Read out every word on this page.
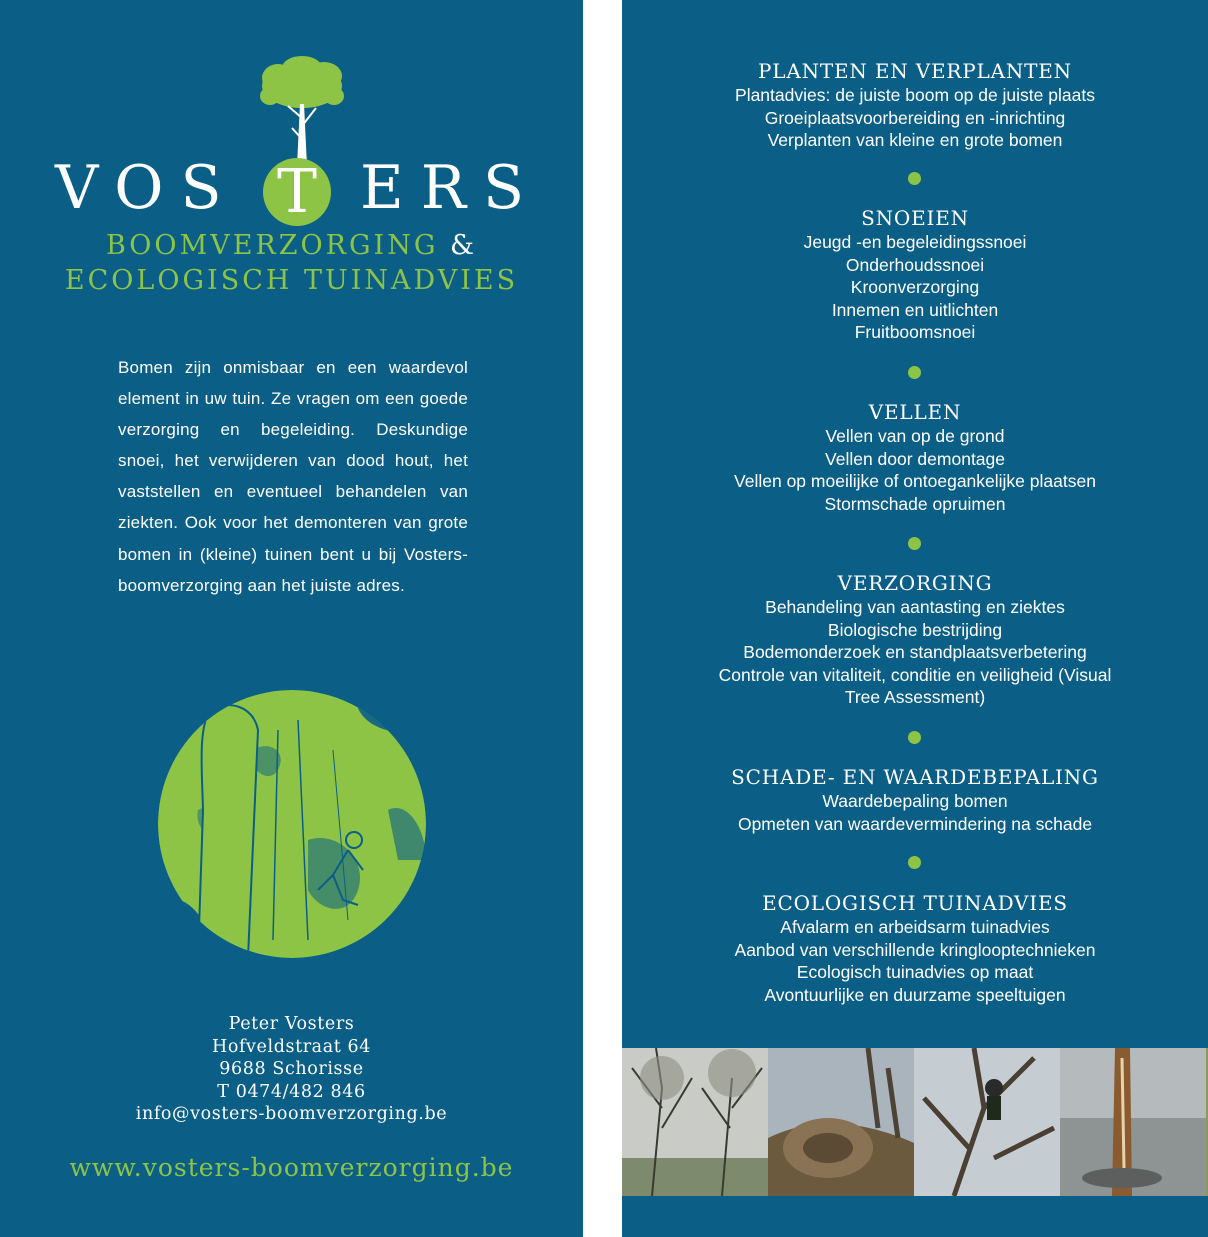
VOS T ERS
BOOMVERZORGING &
ECOLOGISCH TUINADVIES

Bomen zijn onmisbaar en een waardevol element in uw tuin. Ze vragen om een goede verzorging en begeleiding. Deskundige snoei, het verwijderen van dood hout, het vaststellen en eventueel behandelen van ziekten. Ook voor het demonteren van grote bomen in (kleine) tuinen bent u bij Vosters-boomverzorging aan het juiste adres.

Peter Vosters
Hofveldstraat 64
9688 Schorisse
T 0474/482 846
info@vosters-boomverzorging.be
www.vosters-boomverzorging.be
PLANTEN EN VERPLANTEN
Plantadvies: de juiste boom op de juiste plaats
Groeiplaatsvoorbereiding en -inrichting
Verplanten van kleine en grote bomen
SNOEIEN
Jeugd -en begeleidingssnoei
Onderhoudssnoei
Kroonverzorging
Innemen en uitlichten
Fruitboomsnoei
VELLEN
Vellen van op de grond
Vellen door demontage
Vellen op moeilijke of ontoegankelijke plaatsen
Stormschade opruimen
VERZORGING
Behandeling van aantasting en ziektes
Biologische bestrijding
Bodemonderzoek en standplaatsverbetering
Controle van vitaliteit, conditie en veiligheid (Visual
Tree Assessment)
SCHADE- EN WAARDEBEPALING
Waardebepaling bomen
Opmeten van waardevermindering na schade
ECOLOGISCH TUINADVIES
Afvalarm en arbeidsarm tuinadvies
Aanbod van verschillende kringlooptechnieken
Ecologisch tuinadvies op maat
Avontuurlijke en duurzame speeltuigen
